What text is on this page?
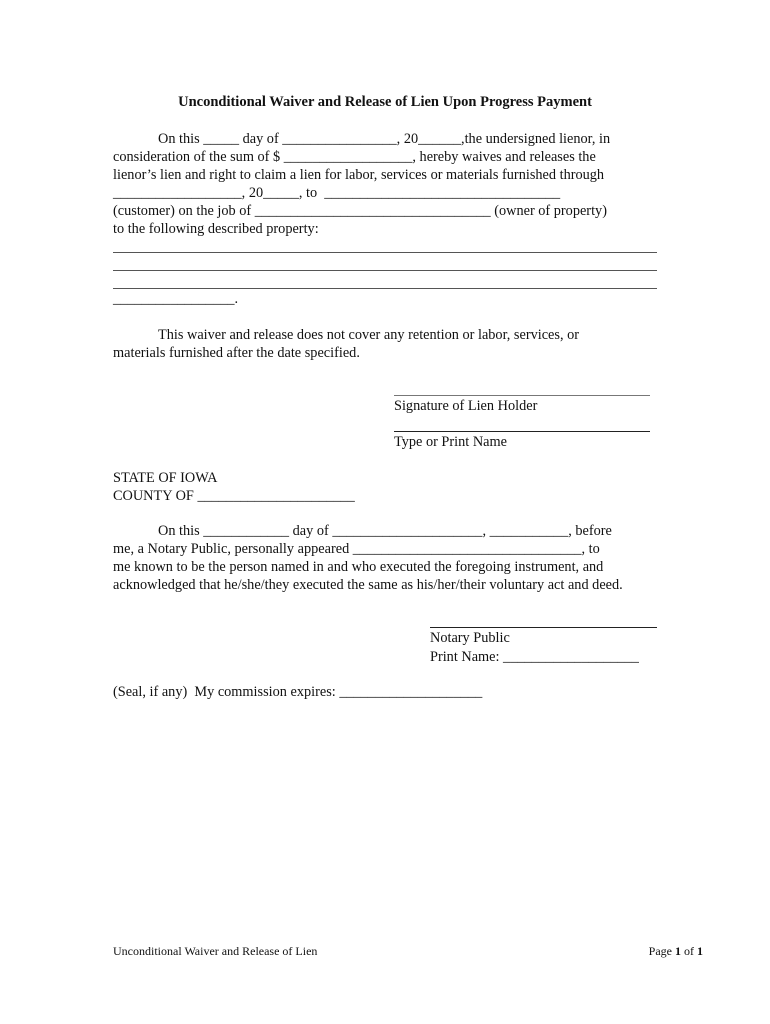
Unconditional Waiver and Release of Lien Upon Progress Payment
On this _____ day of ________________, 20______,the undersigned lienor, in
consideration of the sum of $ __________________, hereby waives and releases the
lienor’s lien and right to claim a lien for labor, services or materials furnished through
__________________, 20_____, to  _________________________________
(customer) on the job of _________________________________ (owner of property)
to the following described property:
_________________.
This waiver and release does not cover any retention or labor, services, or
materials furnished after the date specified.
Signature of Lien Holder
Type or Print Name
STATE OF IOWA
COUNTY OF ______________________
On this ____________ day of _____________________, ___________, before
me, a Notary Public, personally appeared ________________________________, to
me known to be the person named in and who executed the foregoing instrument, and
acknowledged that he/she/they executed the same as his/her/their voluntary act and deed.
Notary Public
Print Name: ___________________
(Seal, if any)  My commission expires: ____________________
Unconditional Waiver and Release of Lien	Page 1 of 1
